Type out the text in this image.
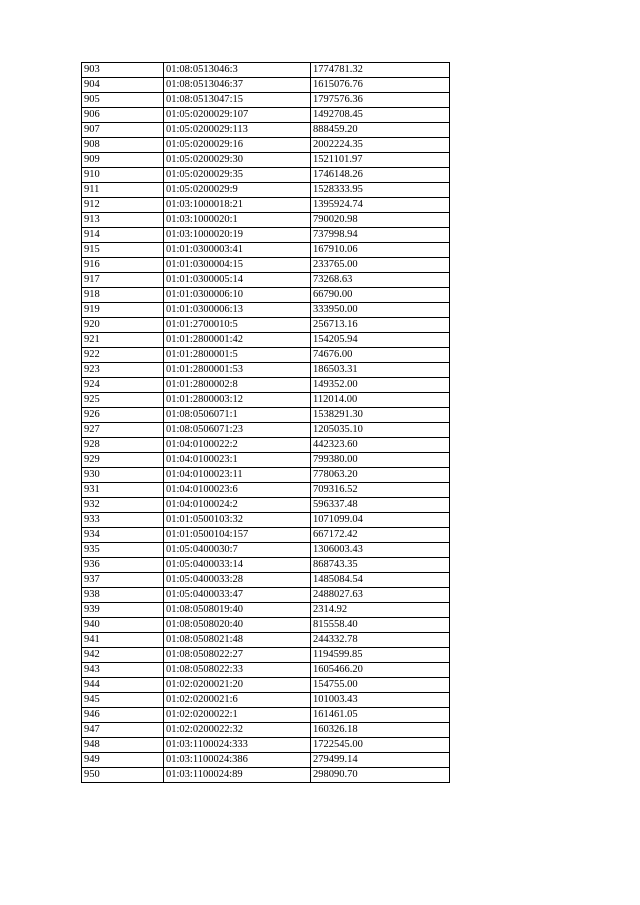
903	01:08:0513046:3	1774781.32
904	01:08:0513046:37	1615076.76
905	01:08:0513047:15	1797576.36
906	01:05:0200029:107	1492708.45
907	01:05:0200029:113	888459.20
908	01:05:0200029:16	2002224.35
909	01:05:0200029:30	1521101.97
910	01:05:0200029:35	1746148.26
911	01:05:0200029:9	1528333.95
912	01:03:1000018:21	1395924.74
913	01:03:1000020:1	790020.98
914	01:03:1000020:19	737998.94
915	01:01:0300003:41	167910.06
916	01:01:0300004:15	233765.00
917	01:01:0300005:14	73268.63
918	01:01:0300006:10	66790.00
919	01:01:0300006:13	333950.00
920	01:01:2700010:5	256713.16
921	01:01:2800001:42	154205.94
922	01:01:2800001:5	74676.00
923	01:01:2800001:53	186503.31
924	01:01:2800002:8	149352.00
925	01:01:2800003:12	112014.00
926	01:08:0506071:1	1538291.30
927	01:08:0506071:23	1205035.10
928	01:04:0100022:2	442323.60
929	01:04:0100023:1	799380.00
930	01:04:0100023:11	778063.20
931	01:04:0100023:6	709316.52
932	01:04:0100024:2	596337.48
933	01:01:0500103:32	1071099.04
934	01:01:0500104:157	667172.42
935	01:05:0400030:7	1306003.43
936	01:05:0400033:14	868743.35
937	01:05:0400033:28	1485084.54
938	01:05:0400033:47	2488027.63
939	01:08:0508019:40	2314.92
940	01:08:0508020:40	815558.40
941	01:08:0508021:48	244332.78
942	01:08:0508022:27	1194599.85
943	01:08:0508022:33	1605466.20
944	01:02:0200021:20	154755.00
945	01:02:0200021:6	101003.43
946	01:02:0200022:1	161461.05
947	01:02:0200022:32	160326.18
948	01:03:1100024:333	1722545.00
949	01:03:1100024:386	279499.14
950	01:03:1100024:89	298090.70
